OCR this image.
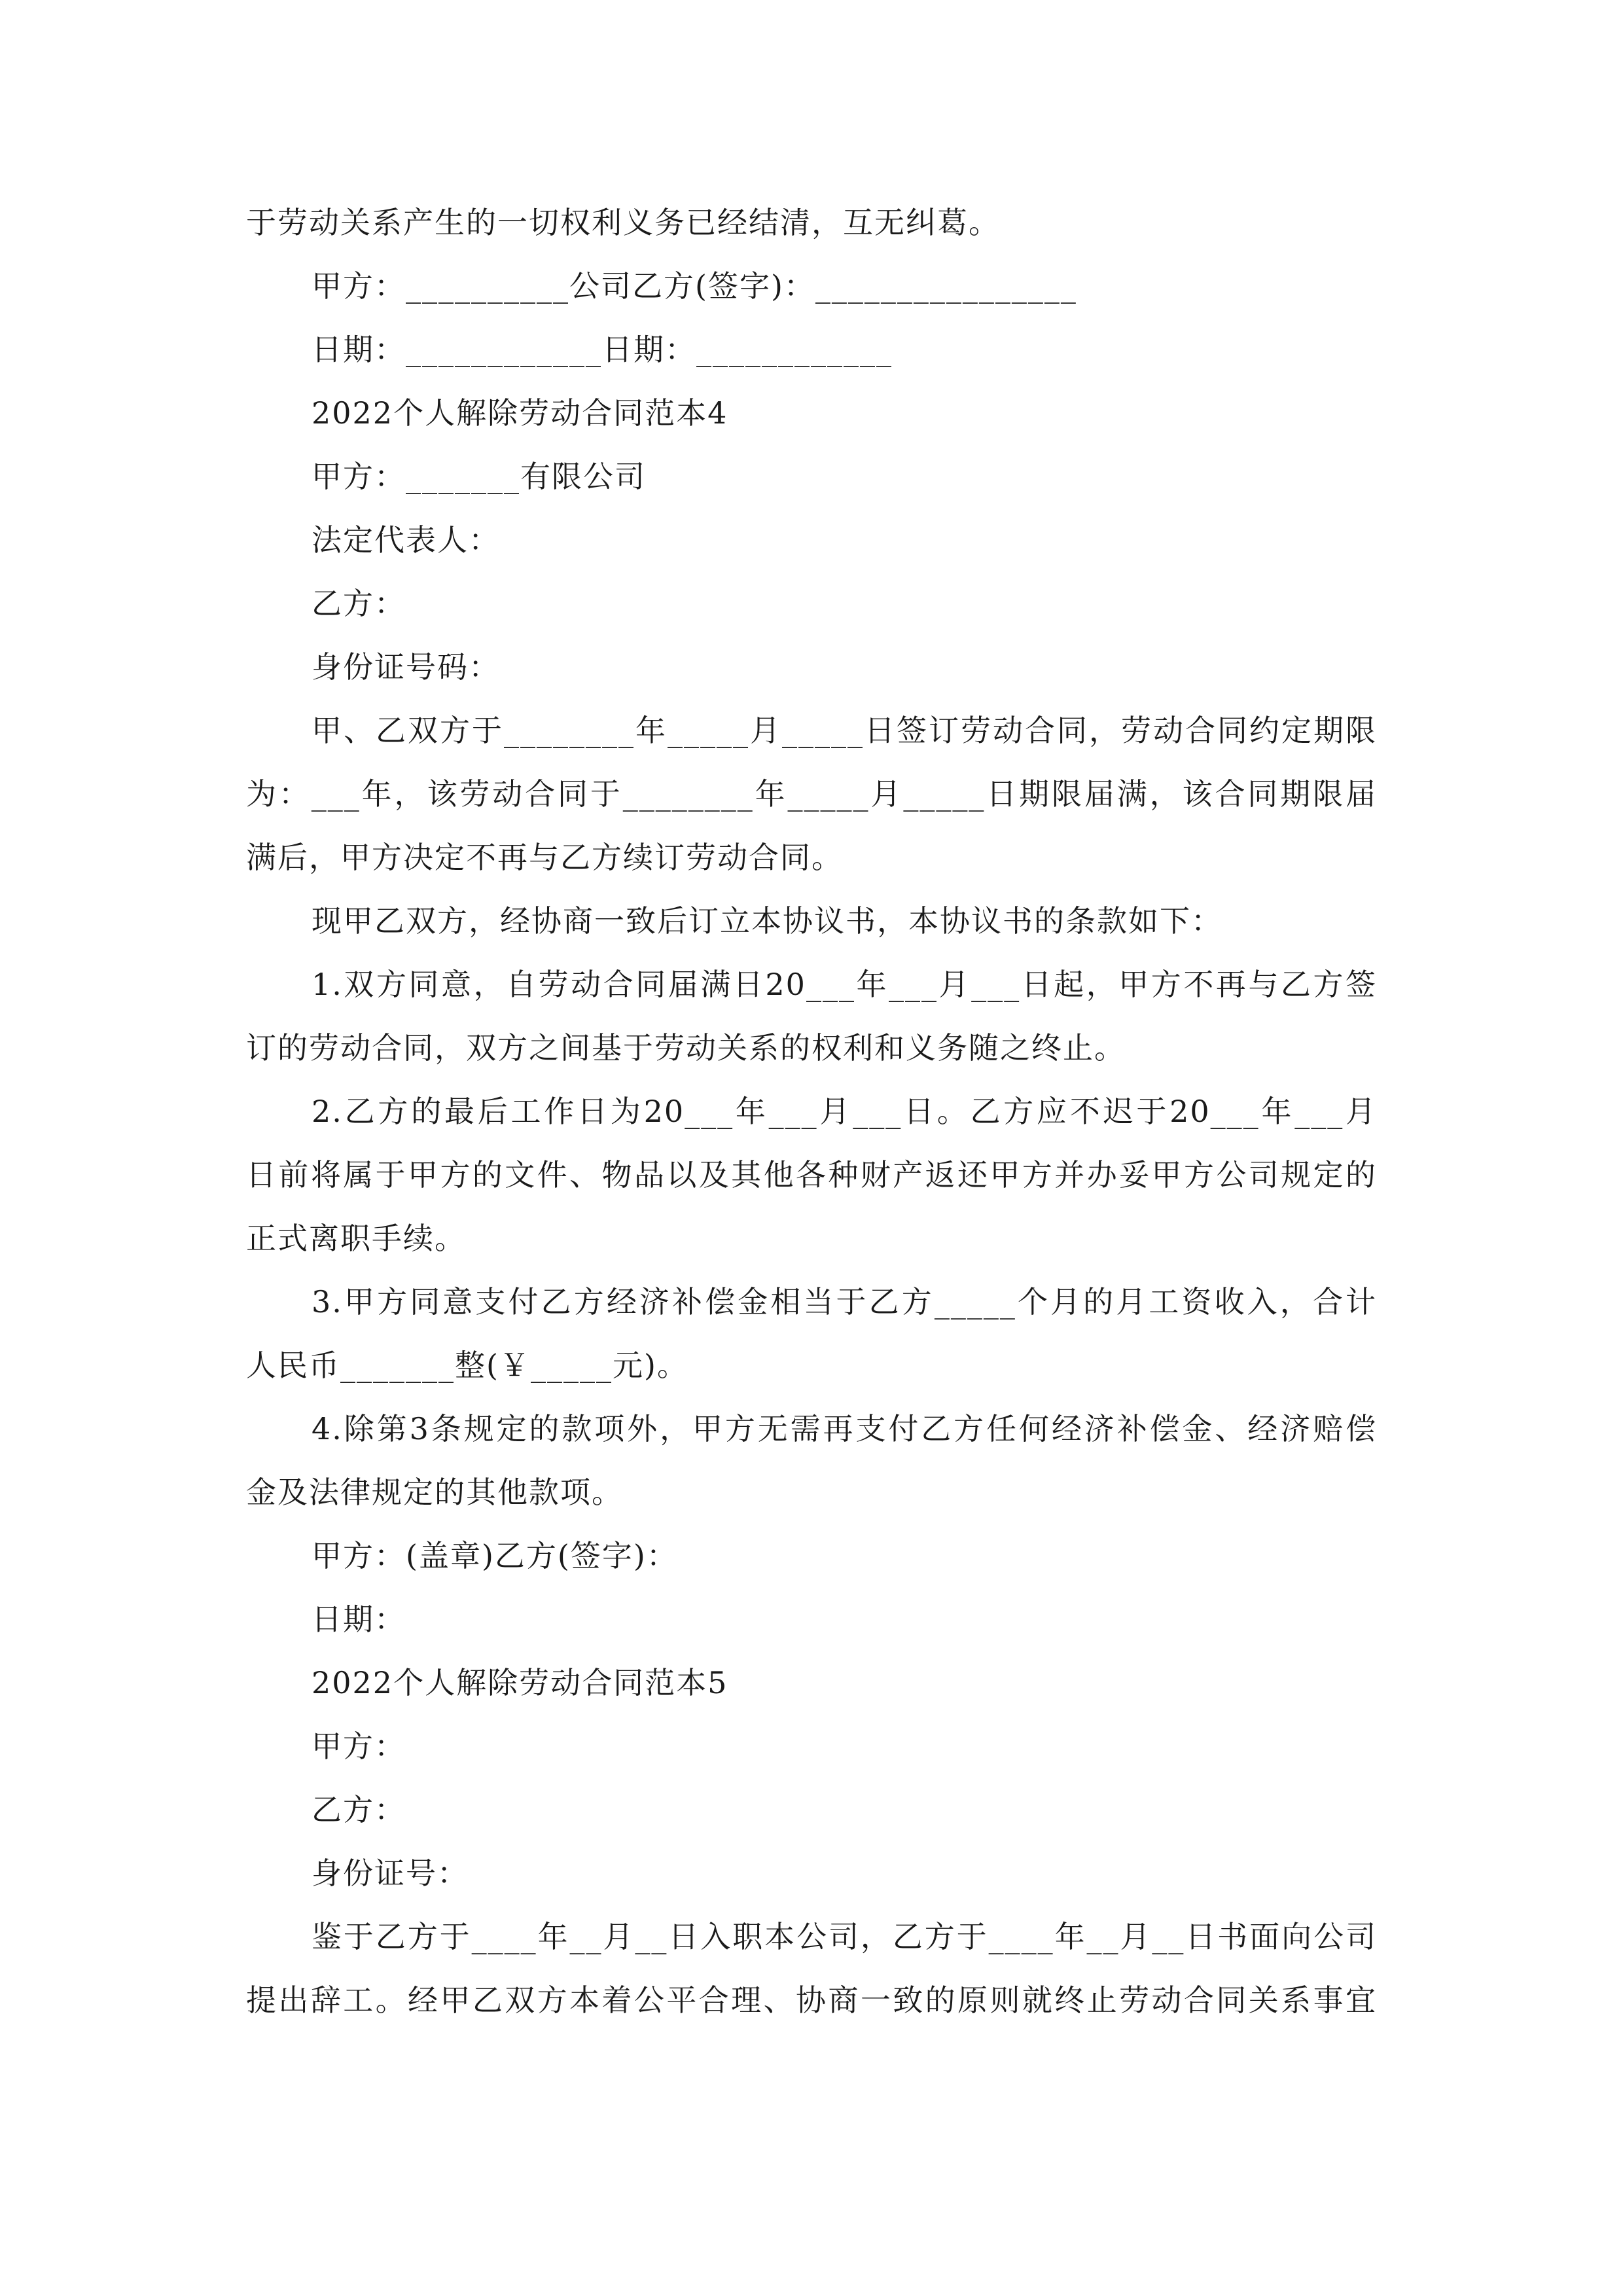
于劳动关系产生的一切权利义务已经结清，互无纠葛。
甲方：__________公司乙方(签字)：________________
日期：____________日期：____________
2022个人解除劳动合同范本4
甲方：_______有限公司
法定代表人：
乙方：
身份证号码：
甲、乙双方于________年_____月_____日签订劳动合同，劳动合同约定期限
为：___年，该劳动合同于________年_____月_____日期限届满，该合同期限届
满后，甲方决定不再与乙方续订劳动合同。
现甲乙双方，经协商一致后订立本协议书，本协议书的条款如下：
1.双方同意，自劳动合同届满日20___年___月___日起，甲方不再与乙方签
订的劳动合同，双方之间基于劳动关系的权利和义务随之终止。
2.乙方的最后工作日为20___年___月___日。乙方应不迟于20___年___月
日前将属于甲方的文件、物品以及其他各种财产返还甲方并办妥甲方公司规定的
正式离职手续。
3.甲方同意支付乙方经济补偿金相当于乙方_____个月的月工资收入，合计
人民币_______整(￥_____元)。
4.除第3条规定的款项外，甲方无需再支付乙方任何经济补偿金、经济赔偿
金及法律规定的其他款项。
甲方：(盖章)乙方(签字)：
日期：
2022个人解除劳动合同范本5
甲方：
乙方：
身份证号：
鉴于乙方于____年__月__日入职本公司，乙方于____年__月__日书面向公司
提出辞工。经甲乙双方本着公平合理、协商一致的原则就终止劳动合同关系事宜
